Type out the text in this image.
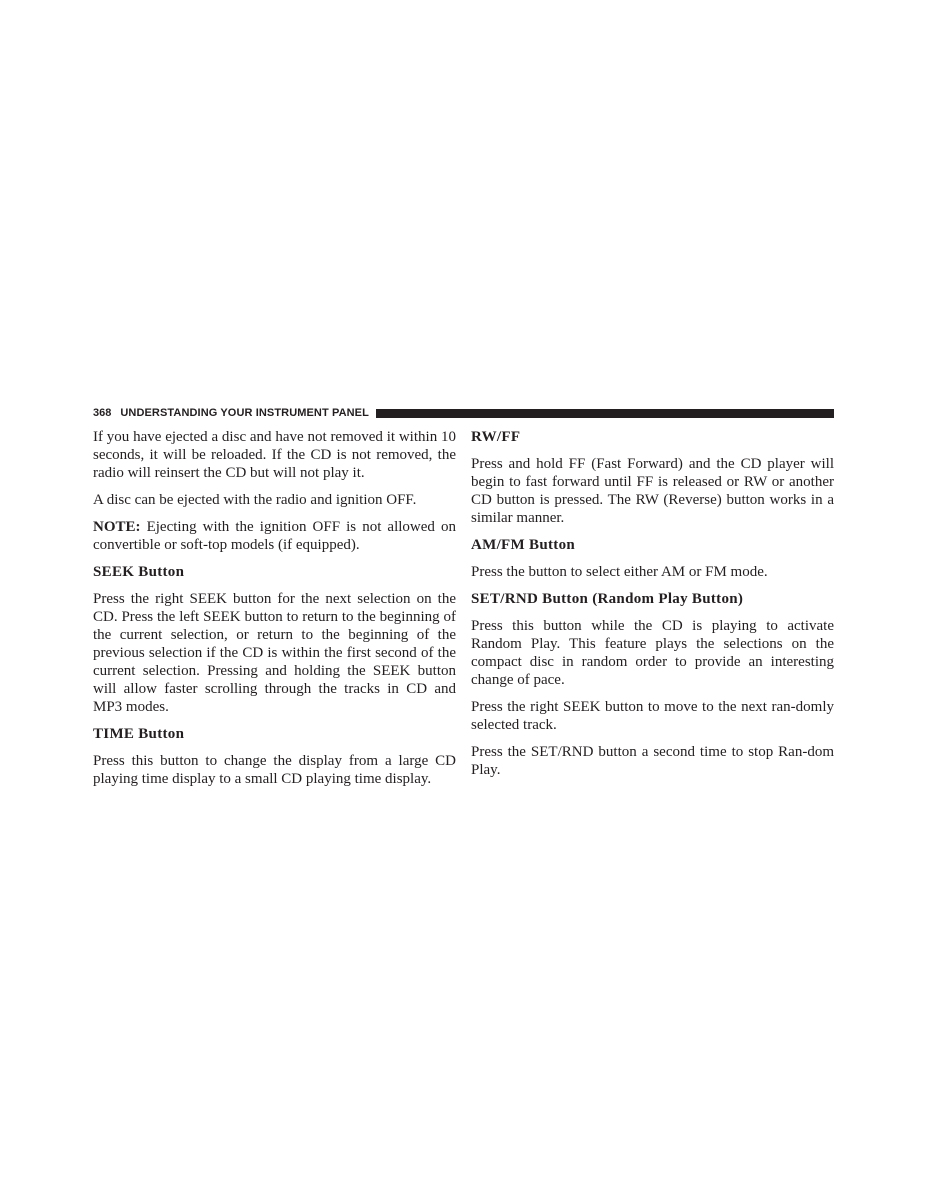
368 UNDERSTANDING YOUR INSTRUMENT PANEL

If you have ejected a disc and have not removed it within 10 seconds, it will be reloaded. If the CD is not removed, the radio will reinsert the CD but will not play it.

A disc can be ejected with the radio and ignition OFF.

NOTE: Ejecting with the ignition OFF is not allowed on convertible or soft-top models (if equipped).

SEEK Button

Press the right SEEK button for the next selection on the CD. Press the left SEEK button to return to the beginning of the current selection, or return to the beginning of the previous selection if the CD is within the first second of the current selection. Pressing and holding the SEEK button will allow faster scrolling through the tracks in CD and MP3 modes.

TIME Button

Press this button to change the display from a large CD playing time display to a small CD playing time display.

RW/FF

Press and hold FF (Fast Forward) and the CD player will begin to fast forward until FF is released or RW or another CD button is pressed. The RW (Reverse) button works in a similar manner.

AM/FM Button

Press the button to select either AM or FM mode.

SET/RND Button (Random Play Button)

Press this button while the CD is playing to activate Random Play. This feature plays the selections on the compact disc in random order to provide an interesting change of pace.

Press the right SEEK button to move to the next ran-domly selected track.

Press the SET/RND button a second time to stop Ran-dom Play.
